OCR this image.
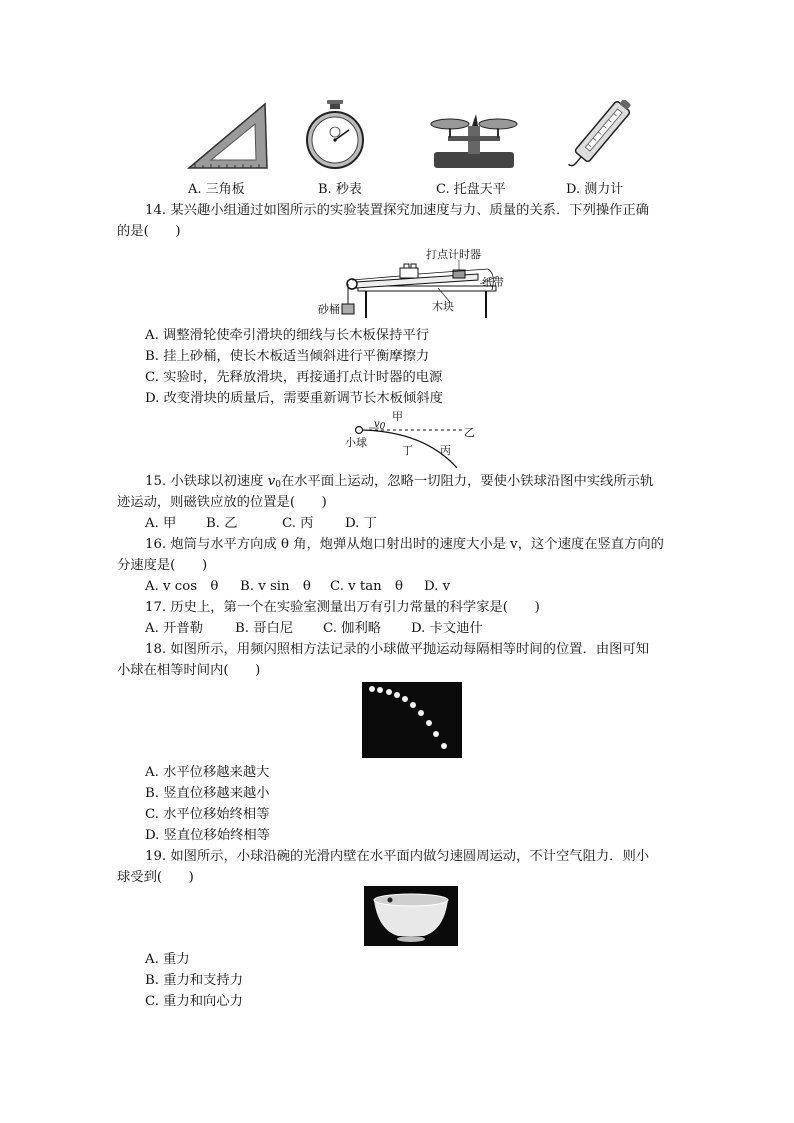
A. 三角板	B. 秒表	C. 托盘天平	D. 测力计
14. 某兴趣小组通过如图所示的实验装置探究加速度与力、质量的关系．下列操作正确
的是(　　)
打点计时器
纸带
砂桶	木块
A. 调整滑轮使牵引滑块的细线与长木板保持平行
B. 挂上砂桶，使长木板适当倾斜进行平衡摩擦力
C. 实验时，先释放滑块，再接通打点计时器的电源
D. 改变滑块的质量后，需要重新调节长木板倾斜度
甲
v0	乙
小球
丁 丙
15. 小铁球以初速度 $v_0$在水平面上运动，忽略一切阻力，要使小铁球沿图中实线所示轨
迹运动，则磁铁应放的位置是(　　)
A. 甲 B. 乙	C. 丙 D. 丁
16. 炮筒与水平方向成 θ 角，炮弹从炮口射出时的速度大小是 v，这个速度在竖直方向的
分速度是(　　)
A. v cos　θ B. v sin　θ C. v tan　θ D. v
17. 历史上，第一个在实验室测量出万有引力常量的科学家是(　　)
A. 开普勒 B. 哥白尼 C. 伽利略 D. 卡文迪什
18. 如图所示，用频闪照相方法记录的小球做平抛运动每隔相等时间的位置．由图可知
小球在相等时间内(　　)
A. 水平位移越来越大
B. 竖直位移越来越小
C. 水平位移始终相等
D. 竖直位移始终相等
19. 如图所示，小球沿碗的光滑内壁在水平面内做匀速圆周运动，不计空气阻力．则小
球受到(　　)
A. 重力
B. 重力和支持力
C. 重力和向心力
